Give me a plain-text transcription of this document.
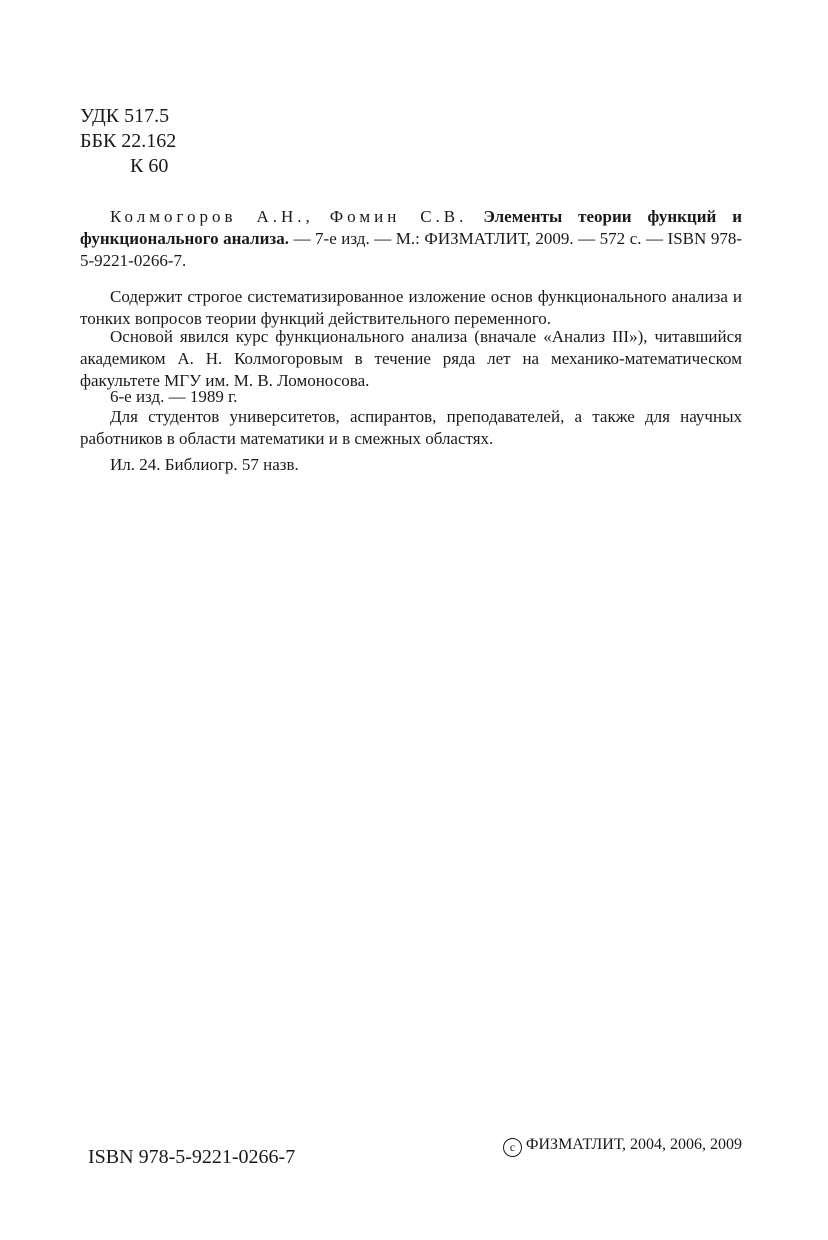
УДК 517.5
ББК 22.162
К 60
Колмогоров А.Н., Фомин С.В. Элементы теории функций и функционального анализа. — 7-е изд. — М.: ФИЗМАТЛИТ, 2009. — 572 с. — ISBN 978-5-9221-0266-7.
Содержит строгое систематизированное изложение основ функционального анализа и тонких вопросов теории функций действительного переменного.
Основой явился курс функционального анализа (вначале «Анализ III»), читавшийся академиком А. Н. Колмогоровым в течение ряда лет на механико-математическом факультете МГУ им. М. В. Ломоносова.
6-е изд. — 1989 г.
Для студентов университетов, аспирантов, преподавателей, а также для научных работников в области математики и в смежных областях.
Ил. 24. Библиогр. 57 назв.
ISBN 978-5-9221-0266-7	c ФИЗМАТЛИТ, 2004, 2006, 2009
